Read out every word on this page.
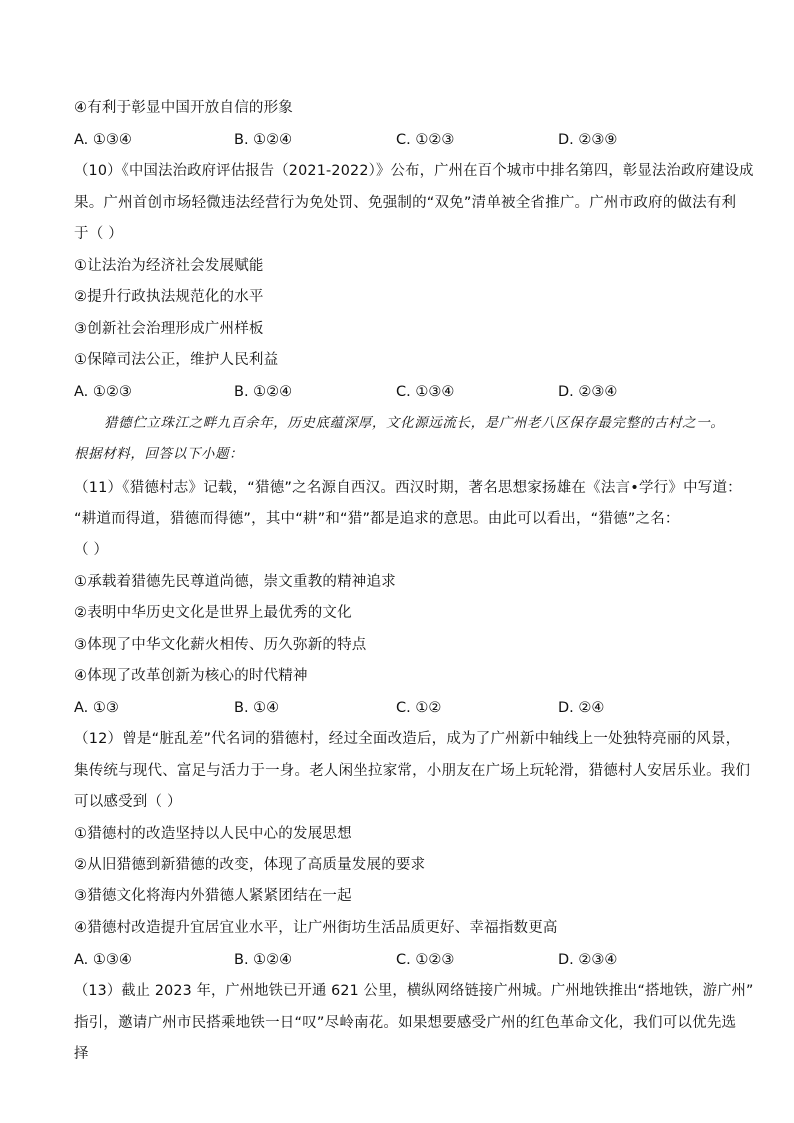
④有利于彰显中国开放自信的形象
A. ①③④	B. ①②④	C. ①②③	D. ②③⑨
（10）《中国法治政府评估报告（2021-2022）》公布，广州在百个城市中排名第四，彰显法治政府建设成
果。广州首创市场轻微违法经营行为免处罚、免强制的“双免”清单被全省推广。广州市政府的做法有利
于（ ）
①让法治为经济社会发展赋能
②提升行政执法规范化的水平
③创新社会治理形成广州样板
①保障司法公正，维护人民利益
A. ①②③	B. ①②④	C. ①③④	D. ②③④
猎德伫立珠江之畔九百余年，历史底蕴深厚，文化源远流长，是广州老八区保存最完整的古村之一。
根据材料，回答以下小题：
（11）《猎德村志》记载，“猎德”之名源自西汉。西汉时期，著名思想家扬雄在《法言•学行》中写道：
“耕道而得道，猎德而得德”，其中“耕”和“猎”都是追求的意思。由此可以看出，“猎德”之名：
（ ）
①承载着猎德先民尊道尚德，崇文重教的精神追求
②表明中华历史文化是世界上最优秀的文化
③体现了中华文化薪火相传、历久弥新的特点
④体现了改革创新为核心的时代精神
A. ①③	B. ①④	C. ①②	D. ②④
（12）曾是“脏乱差”代名词的猎德村，经过全面改造后，成为了广州新中轴线上一处独特亮丽的风景，
集传统与现代、富足与活力于一身。老人闲坐拉家常，小朋友在广场上玩轮滑，猎德村人安居乐业。我们
可以感受到（ ）
①猎德村的改造坚持以人民中心的发展思想
②从旧猎德到新猎德的改变，体现了高质量发展的要求
③猎德文化将海内外猎德人紧紧团结在一起
④猎德村改造提升宜居宜业水平，让广州街坊生活品质更好、幸福指数更高
A. ①③④	B. ①②④	C. ①②③	D. ②③④
（13）截止 2023 年，广州地铁已开通 621 公里，横纵网络链接广州城。广州地铁推出“搭地铁，游广州”
指引，邀请广州市民搭乘地铁一日“叹”尽岭南花。如果想要感受广州的红色革命文化，我们可以优先选
择
